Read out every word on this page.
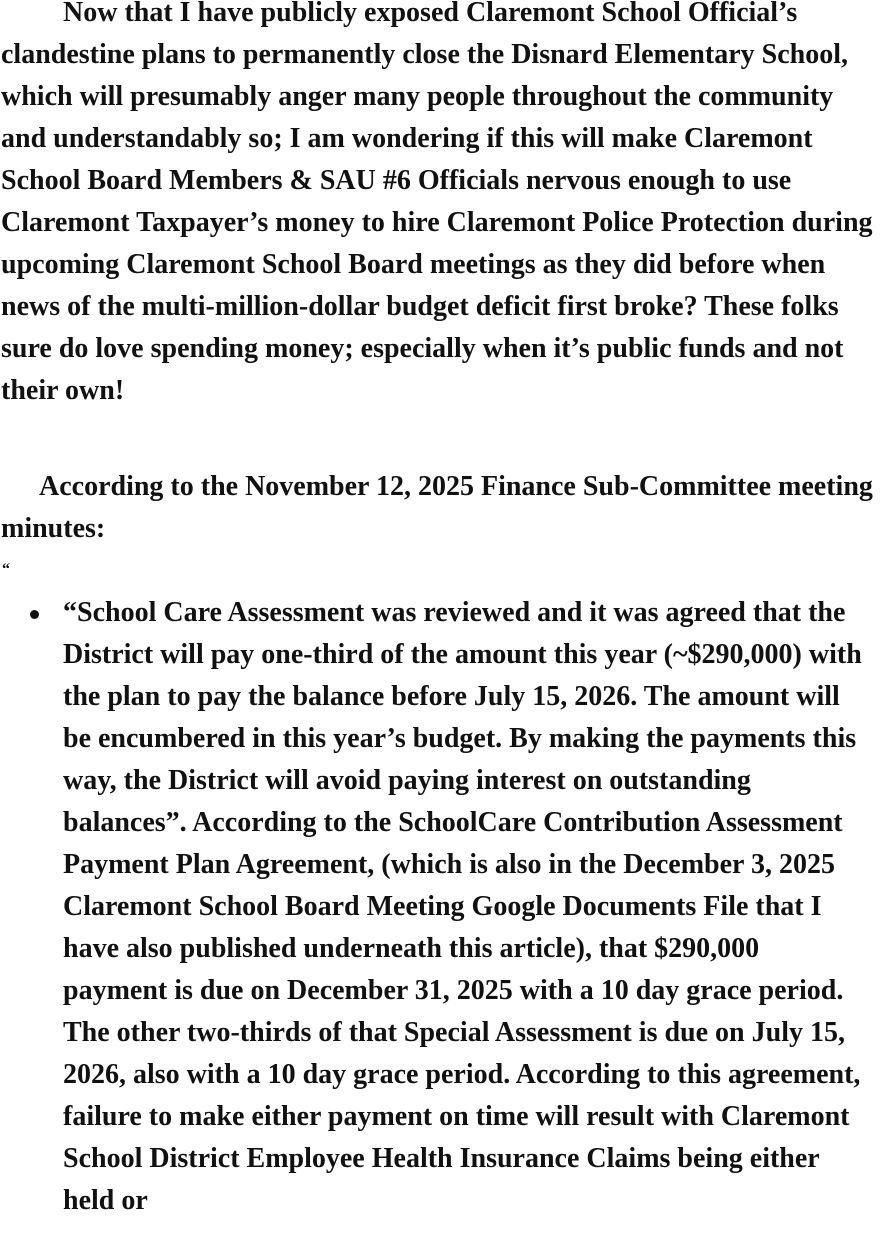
Now that I have publicly exposed Claremont School Official’s clandestine plans to permanently close the Disnard Elementary School, which will presumably anger many people throughout the community and understandably so; I am wondering if this will make Claremont School Board Members & SAU #6 Officials nervous enough to use Claremont Taxpayer’s money to hire Claremont Police Protection during upcoming Claremont School Board meetings as they did before when news of the multi-million-dollar budget deficit first broke? These folks sure do love spending money; especially when it’s public funds and not their own!

According to the November 12, 2025 Finance Sub-Committee meeting minutes:

“
“School Care Assessment was reviewed and it was agreed that the District will pay one-third of the amount this year (~$290,000) with the plan to pay the balance before July 15, 2026. The amount will be encumbered in this year’s budget. By making the payments this way, the District will avoid paying interest on outstanding balances”. According to the SchoolCare Contribution Assessment Payment Plan Agreement, (which is also in the December 3, 2025 Claremont School Board Meeting Google Documents File that I have also published underneath this article), that $290,000 payment is due on December 31, 2025 with a 10 day grace period. The other two-thirds of that Special Assessment is due on July 15, 2026, also with a 10 day grace period. According to this agreement, failure to make either payment on time will result with Claremont School District Employee Health Insurance Claims being either held or
